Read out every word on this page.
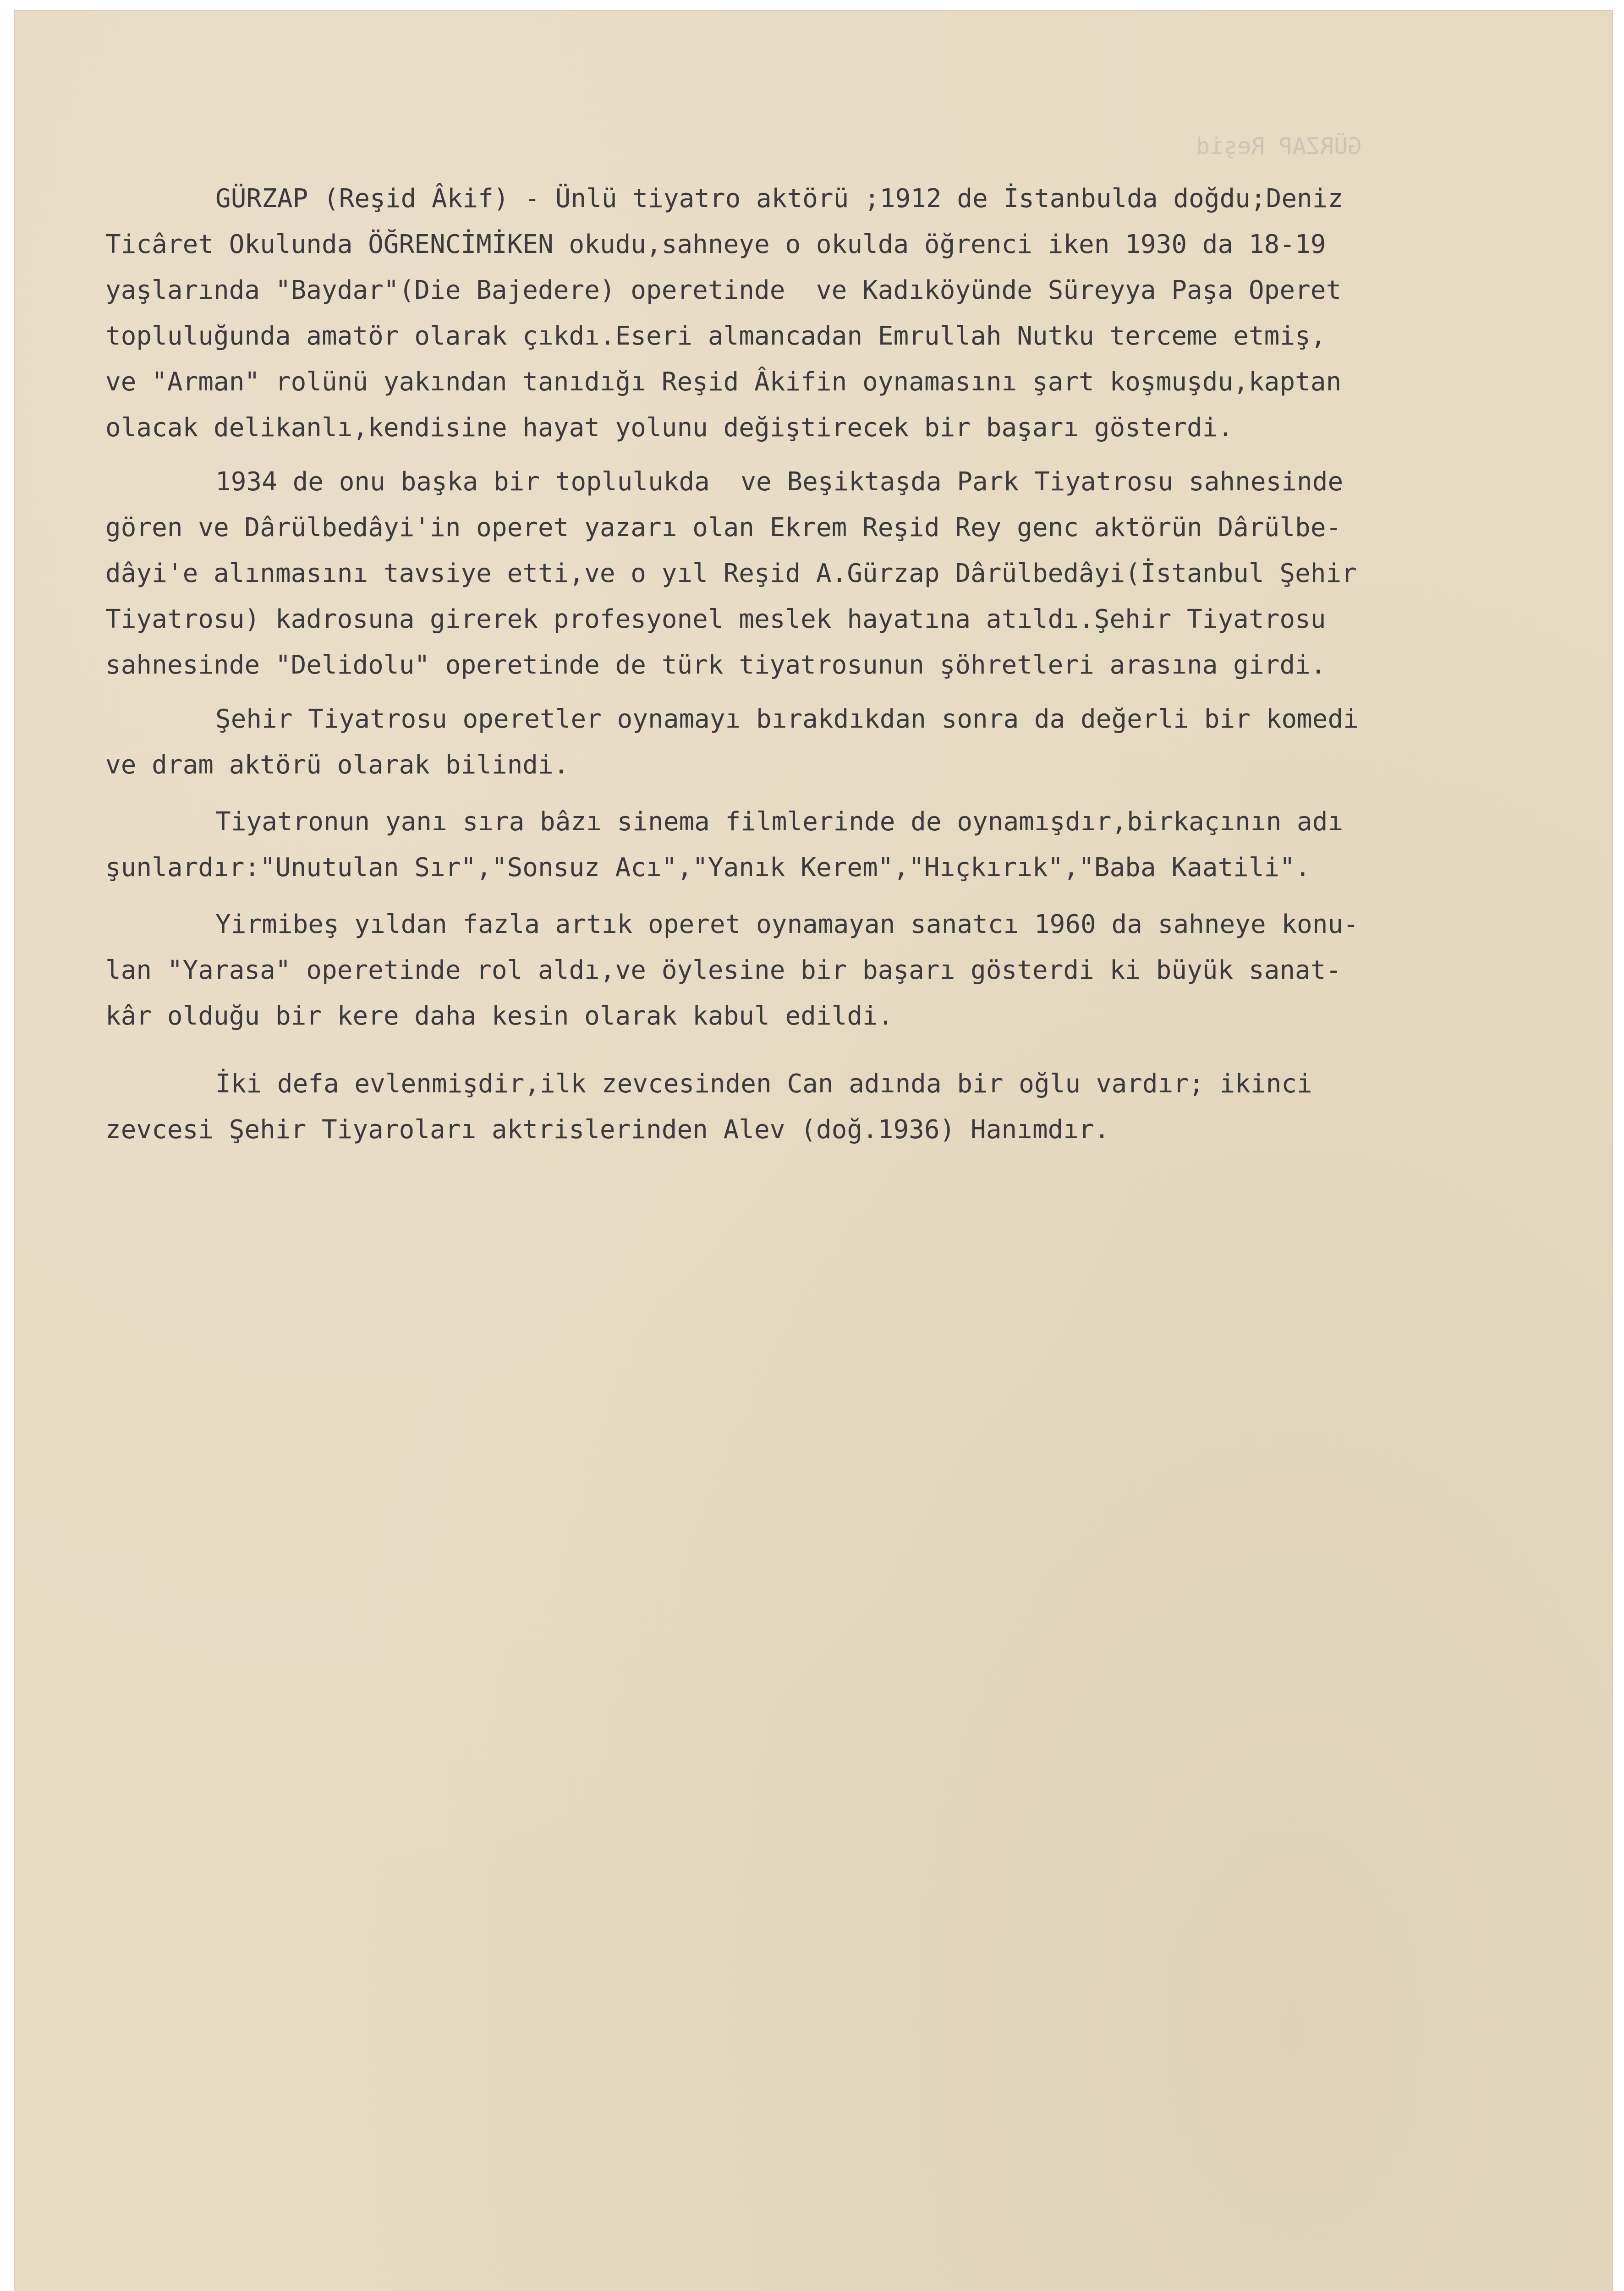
GÜRZAP Reşid
GÜRZAP (Reşid Âkif) - Ünlü tiyatro aktörü ;1912 de İstanbulda doğdu;Deniz
Ticâret Okulunda ÖĞRENCİMİKEN okudu,sahneye o okulda öğrenci iken 1930 da 18-19
yaşlarında "Baydar"(Die Bajedere) operetinde  ve Kadıköyünde Süreyya Paşa Operet
topluluğunda amatör olarak çıkdı.Eseri almancadan Emrullah Nutku terceme etmiş,
ve "Arman" rolünü yakından tanıdığı Reşid Âkifin oynamasını şart koşmuşdu,kaptan
olacak delikanlı,kendisine hayat yolunu değiştirecek bir başarı gösterdi.
1934 de onu başka bir toplulukda  ve Beşiktaşda Park Tiyatrosu sahnesinde
gören ve Dârülbedâyi'in operet yazarı olan Ekrem Reşid Rey genc aktörün Dârülbe-
dâyi'e alınmasını tavsiye etti,ve o yıl Reşid A.Gürzap Dârülbedâyi(İstanbul Şehir
Tiyatrosu) kadrosuna girerek profesyonel meslek hayatına atıldı.Şehir Tiyatrosu
sahnesinde "Delidolu" operetinde de türk tiyatrosunun şöhretleri arasına girdi.
Şehir Tiyatrosu operetler oynamayı bırakdıkdan sonra da değerli bir komedi
ve dram aktörü olarak bilindi.
Tiyatronun yanı sıra bâzı sinema filmlerinde de oynamışdır,birkaçının adı
şunlardır:"Unutulan Sır","Sonsuz Acı","Yanık Kerem","Hıçkırık","Baba Kaatili".
Yirmibeş yıldan fazla artık operet oynamayan sanatcı 1960 da sahneye konu-
lan "Yarasa" operetinde rol aldı,ve öylesine bir başarı gösterdi ki büyük sanat-
kâr olduğu bir kere daha kesin olarak kabul edildi.
İki defa evlenmişdir,ilk zevcesinden Can adında bir oğlu vardır; ikinci
zevcesi Şehir Tiyaroları aktrislerinden Alev (doğ.1936) Hanımdır.
